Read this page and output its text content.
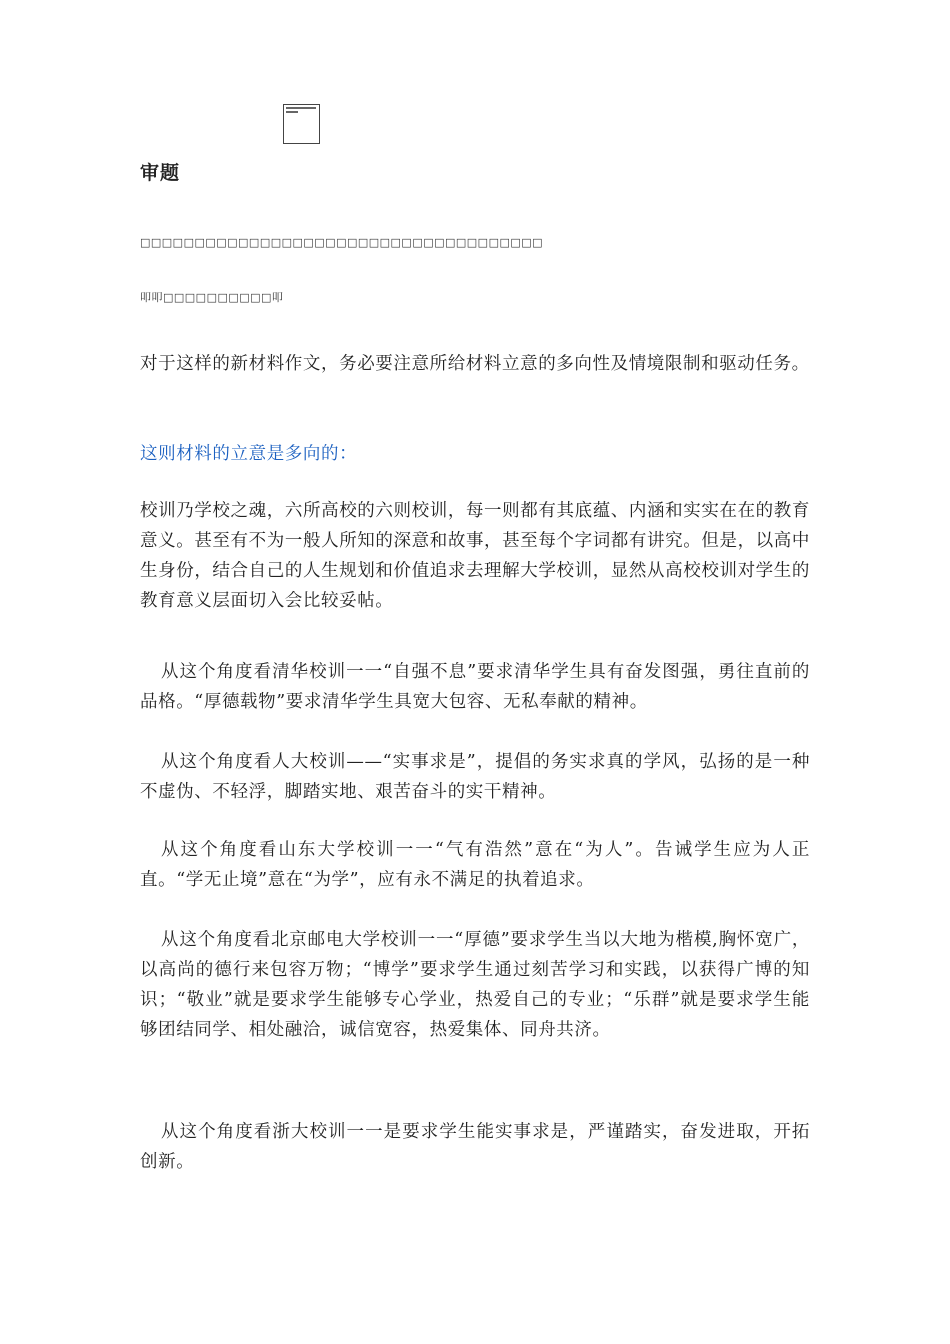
审题
□□□□□□□□□□□□□□□□□□□□□□□□□□□□□□□□□□□□□
叩叩□□□□□□□□□□叩

对于这样的新材料作文，务必要注意所给材料立意的多向性及情境限制和驱动任务。

这则材料的立意是多向的：

校训乃学校之魂，六所高校的六则校训，每一则都有其底蕴、内涵和实实在在的教育意义。甚至有不为一般人所知的深意和故事，甚至每个字词都有讲究。但是，以高中生身份，结合自己的人生规划和价值追求去理解大学校训，显然从高校校训对学生的教育意义层面切入会比较妥帖。

从这个角度看清华校训一一“自强不息”要求清华学生具有奋发图强，勇往直前的品格。“厚德载物”要求清华学生具宽大包容、无私奉献的精神。

从这个角度看人大校训——“实事求是”，提倡的务实求真的学风，弘扬的是一种不虚伪、不轻浮，脚踏实地、艰苦奋斗的实干精神。

从这个角度看山东大学校训一一“气有浩然”意在“为人”。告诫学生应为人正直。“学无止境”意在“为学”，应有永不满足的执着追求。

从这个角度看北京邮电大学校训一一“厚德”要求学生当以大地为楷模,胸怀宽广，以高尚的德行来包容万物；“博学”要求学生通过刻苦学习和实践，以获得广博的知识；“敬业”就是要求学生能够专心学业，热爱自己的专业；“乐群”就是要求学生能够团结同学、相处融洽，诚信宽容，热爱集体、同舟共济。

从这个角度看浙大校训一一是要求学生能实事求是，严谨踏实，奋发进取，开拓创新。
